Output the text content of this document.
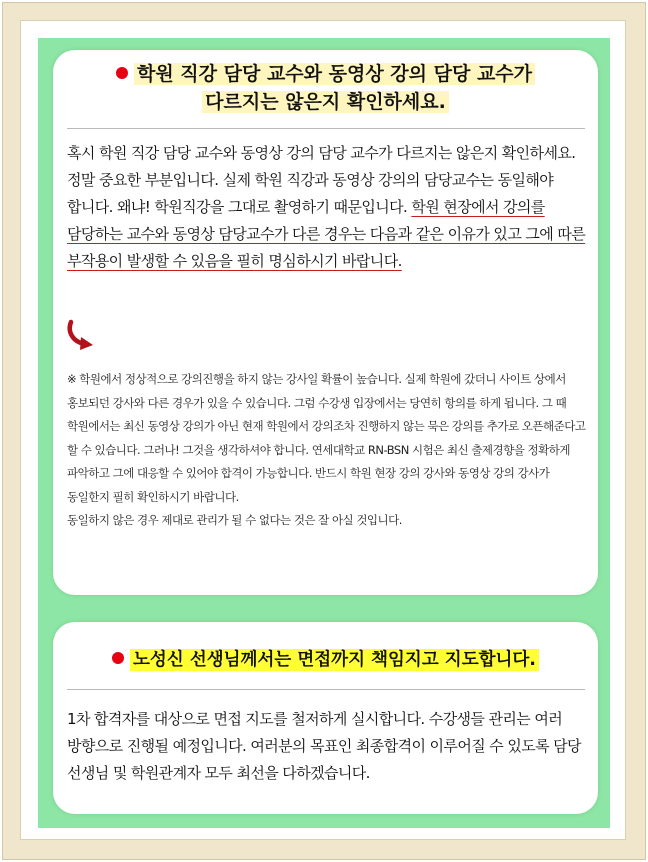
학원 직강 담당 교수와 동영상 강의 담당 교수가
다르지는 않은지 확인하세요.

혹시 학원 직강 담당 교수와 동영상 강의 담당 교수가 다르지는 않은지 확인하세요. 정말 중요한 부분입니다. 실제 학원 직강과 동영상 강의의 담당교수는 동일해야 합니다. 왜냐! 학원직강을 그대로 촬영하기 때문입니다. 학원 현장에서 강의를 담당하는 교수와 동영상 담당교수가 다른 경우는 다음과 같은 이유가 있고 그에 따른 부작용이 발생할 수 있음을 필히 명심하시기 바랍니다.

※ 학원에서 정상적으로 강의진행을 하지 않는 강사일 확률이 높습니다. 실제 학원에 갔더니 사이트 상에서 홍보되던 강사와 다른 경우가 있을 수 있습니다. 그럼 수강생 입장에서는 당연히 항의를 하게 됩니다. 그 때 학원에서는 최신 동영상 강의가 아닌 현재 학원에서 강의조차 진행하지 않는 묵은 강의를 추가로 오픈해준다고 할 수 있습니다. 그러나! 그것을 생각하셔야 합니다. 연세대학교 RN-BSN 시험은 최신 출제경향을 정확하게 파악하고 그에 대응할 수 있어야 합격이 가능합니다. 반드시 학원 현장 강의 강사와 동영상 강의 강사가 동일한지 필히 확인하시기 바랍니다.
동일하지 않은 경우 제대로 관리가 될 수 없다는 것은 잘 아실 것입니다.

노성신 선생님께서는 면접까지 책임지고 지도합니다.

1차 합격자를 대상으로 면접 지도를 철저하게 실시합니다. 수강생들 관리는 여러 방향으로 진행될 예정입니다. 여러분의 목표인 최종합격이 이루어질 수 있도록 담당 선생님 및 학원관계자 모두 최선을 다하겠습니다.
